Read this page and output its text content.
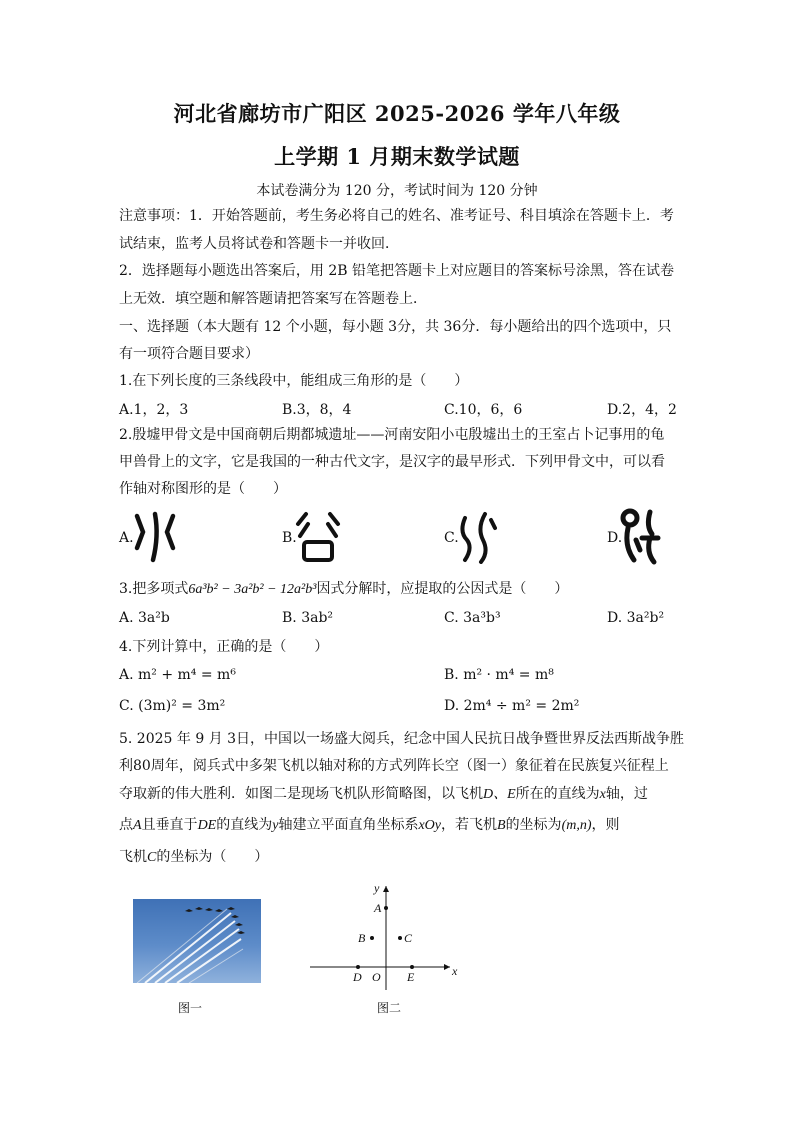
河北省廊坊市广阳区 2025-2026 学年八年级
上学期 1 月期末数学试题
本试卷满分为 120 分，考试时间为 120 分钟
注意事项：1．开始答题前，考生务必将自己的姓名、准考证号、科目填涂在答题卡上．考
试结束，监考人员将试卷和答题卡一并收回．
2．选择题每小题选出答案后，用 2B 铅笔把答题卡上对应题目的答案标号涂黑，答在试卷
上无效．填空题和解答题请把答案写在答题卷上．
一、选择题（本大题有 12 个小题，每小题 3分，共 36分．每小题给出的四个选项中，只
有一项符合题目要求）
1.在下列长度的三条线段中，能组成三角形的是（　　）
A.1，2，3	B.3，8，4	C.10，6，6	D.2，4，2
2.殷墟甲骨文是中国商朝后期都城遗址——河南安阳小屯殷墟出土的王室占卜记事用的龟
甲兽骨上的文字，它是我国的一种古代文字，是汉字的最早形式．下列甲骨文中，可以看
作轴对称图形的是（　　）
A.	B.	C.	D.
3.把多项式6a³b² − 3a²b² − 12a²b³因式分解时，应提取的公因式是（　　）
A. 3a²b	B. 3ab²	C. 3a³b³	D. 3a²b²
4.下列计算中，正确的是（　　）
A. m² + m⁴ = m⁶	B. m² · m⁴ = m⁸
C. (3m)² = 3m²	D. 2m⁴ ÷ m² = 2m²
5. 2025 年 9 月 3日，中国以一场盛大阅兵，纪念中国人民抗日战争暨世界反法西斯战争胜
利80周年，阅兵式中多架飞机以轴对称的方式列阵长空（图一）象征着在民族复兴征程上
夺取新的伟大胜利．如图二是现场飞机队形简略图，以飞机D、E所在的直线为x轴，过
点A且垂直于DE的直线为y轴建立平面直角坐标系xOy，若飞机B的坐标为(m,n)，则
飞机C的坐标为（　　）
图一
x
y
A
B	C
D O E
图二
